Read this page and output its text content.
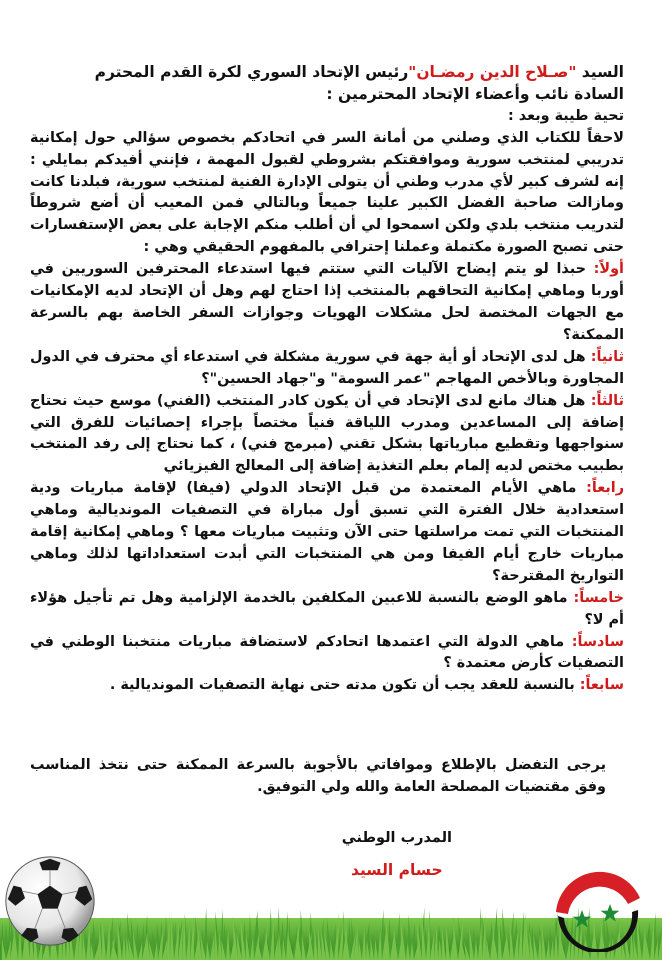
السيد "صـلاح الدين رمضـان"رئيس الإتحاد السوري لكرة القدم المحترم

السادة نائب وأعضاء الإتحاد المحترمين :

تحية طيبة وبعد :

لاحقاً للكتاب الذي وصلني من أمانة السر في اتحادكم بخصوص سؤالي حول إمكانية تدريبي لمنتخب سورية وموافقتكم بشروطي لقبول المهمة ، فإنني أفيدكم بمايلي : إنه لشرف كبير لأي مدرب وطني أن يتولى الإدارة الفنية لمنتخب سورية، فبلدنا كانت ومازالت صاحبة الفضل الكبير علينا جميعاً وبالتالي فمن المعيب أن أضع شروطاً لتدريب منتخب بلدي ولكن اسمحوا لي أن أطلب منكم الإجابة على بعض الإستفسارات حتى تصبح الصورة مكتملة وعملنا إحترافي بالمفهوم الحقيقي وهي :

أولاً: حبذا لو يتم إيضاح الآليات التي ستتم فيها استدعاء المحترفين السوريين في أوربا وماهي إمكانية التحاقهم بالمنتخب إذا احتاج لهم وهل أن الإتحاد لديه الإمكانيات مع الجهات المختصة لحل مشكلات الهويات وجوازات السفر الخاصة بهم بالسرعة الممكنة؟

ثانياً: هل لدى الإتحاد أو أية جهة في سورية مشكلة في استدعاء أي محترف في الدول المجاورة وبالأخص المهاجم "عمر السومة" و"جهاد الحسين"؟

ثالثاً: هل هناك مانع لدى الإتحاد في أن يكون كادر المنتخب (الفني) موسع حيث نحتاج إضافة إلى المساعدين ومدرب اللياقة فنياً مختصاً بإجراء إحصائيات للفرق التي سنواجهها وتقطيع مبارياتها بشكل تقني (مبرمج فني) ، كما نحتاج إلى رفد المنتخب بطبيب مختص لديه إلمام بعلم التغذية إضافة إلى المعالج الفيزيائي

رابعاً: ماهي الأيام المعتمدة من قبل الإتحاد الدولي (فيفا) لإقامة مباريات ودية استعدادية خلال الفترة التي تسبق أول مباراة في التصفيات المونديالية وماهي المنتخبات التي تمت مراسلتها حتى الآن وتثبيت مباريات معها ؟ وماهي إمكانية إقامة مباريات خارج أيام الفيفا ومن هي المنتخبات التي أبدت استعداداتها لذلك وماهي التواريخ المقترحة؟

خامساً: ماهو الوضع بالنسبة للاعبين المكلفين بالخدمة الإلزامية وهل تم تأجيل هؤلاء أم لا؟

سادساً: ماهي الدولة التي اعتمدها اتحادكم لاستضافة مباريات منتخبنا الوطني في التصفيات كأرض معتمدة ؟

سابعاً: بالنسبة للعقد يجب أن تكون مدته حتى نهاية التصفيات المونديالية .

يرجى التفضل بالإطلاع وموافاتي بالأجوبة بالسرعة الممكنة حتى نتخذ المناسب وفق مقتضيات المصلحة العامة والله ولي التوفيق.

المدرب الوطني
حسام السيد
